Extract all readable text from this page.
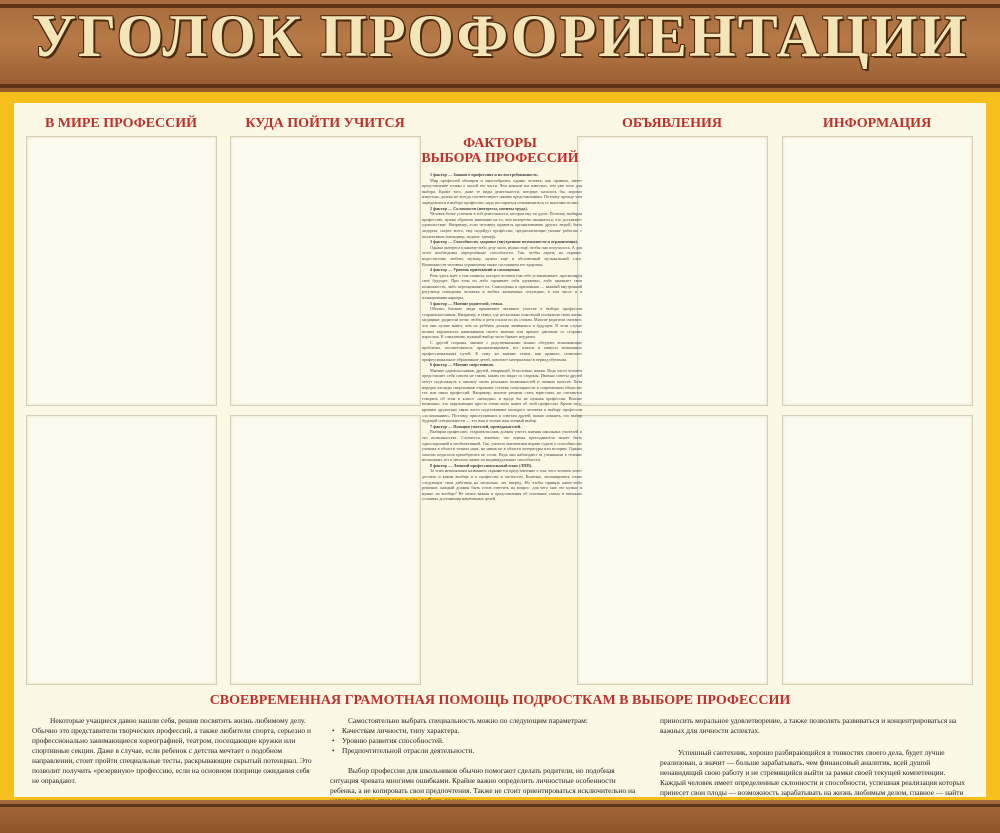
УГОЛОК ПРОФОРИЕНТАЦИИ
В МИРЕ ПРОФЕССИЙ	КУДА ПОЙТИ УЧИТСЯ	ОБЪЯВЛЕНИЯ	ИНФОРМАЦИЯ
ФАКТОРЫ
ВЫБОРА ПРОФЕССИЙ

1 фактор — Знания о профессиях и их востребованность.

Мир профессий обширен и многообразен, однако человек, как правило, имеет представление только о малой его части. Чем меньше им известно, тем уже поле для выбора. Кроме того, даже те виды деятельности, которые, казалось бы, хорошо известны, далеко не всегда соответствуют нашим представлениям. Поэтому прежде чем определиться в выборе профессии, надо постараться познакомиться со многими из них.

2 фактор — Склонности (интересы, мотивы труда).

Человек более успешен в той деятельности, которая ему по душе. Поэтому, выбирая профессию, нужно обратить внимание на то, чем интересно заниматься, что доставляет удовольствие. Например, если человеку нравится организовывать других людей, быть лидером, скорее всего, ему подойдут профессии, предполагающие умение работать с коллективом (менеджер, педагог, тренер).

3 фактор — Способности, здоровье (внутренние возможности и ограничения).

Однако интереса к какому-либо делу мало, нужно ещё, чтобы оно получалось. А для этого необходимы определённые способности. Так, чтобы играть на скрипке, недостаточно любить музыку, нужен ещё и абсолютный музыкальный слух. Возможности человека ограничены также состоянием его здоровья.

4 фактор — Уровень притязаний и самооценка.

Речь здесь идёт о том главном, которое человек сам себе устанавливает, прогнозируя своё будущее. При этом он либо оценивает себя адекватно, либо занижает свои возможности, либо переоценивает их. Самооценка и притязания — важный внутренний регулятор поведения человека в любых жизненных ситуациях, в том числе и в планировании карьеры.

5 фактор — Мнение родителей, семьи.

Обычно близкие люди принимают активное участие в выборе профессии старшеклассником. Например, в семье, где нескольких поколений посвятили свою жизнь медицине, родители хотят, чтобы и дети пошли по их стопам. Многие родители считают, что они лучше знают, чем их ребёнок должен заниматься в будущем. В этом случае велика вероятность навязывания своего мнения или прямое давление со стороны взрослых. К сожалению, нужный выбор часто бывает неудачен.

С другой стороны, мнение с родственниками можно обсудить возникающие проблемы, посоветоваться, проанализировать все плюсы и минусы возможных профессиональных путей. К тому же мнение семьи, как правило, позволяет профессиональное образование детей, помогает материально в период обучения.

6 фактор — Мнение сверстников.

Мнение одноклассников, друзей, товарищей, безусловно, важно. Ведь часто человек представляет себя совсем не таким, каким его видят со стороны. Именно советы друзей могут подтолкнуть к анализу своих реальных возможностей и личных качеств. Хотя нередко взгляды сверстников отражают степень популярности в современном обществе тех или иных профессий. Например, многие решили стать юристами, но считаются говорить об этом в классе «немодно» и вроде бы не нужная профессия. Вполне возможно, что окружающие просто очень мало знают об этой профессии. Кроме того, крепкие дружеские связи часто подталкивают молодого человека к выбору профессии «за компанию». Поэтому, прислушиваясь к советам друзей, важно помнить, что выбор будущей специальности — это ваш и только ваш личный выбор.

7 фактор — Позиция учителей, преподавателей.

Выбирая профессию, старшеклассник должен учесть мнения школьных учителей и его возможностях. Случается, конечно, что оценка преподавателя может быть односторонней и необъективной. Так, учитель математики вправе судить о способностях ученика в области точных наук, но никак не в области литературы или истории. Однако опытом педагогов пренебрегать не стоит. Ведь они наблюдают за учениками в течение нескольких лет и неплохо знают их индивидуальные способности.

8 фактор — Личный профессиональный план (ЛПП).

За этим непонятным названием скрывается представление о том, чего человек хочет достичь и каким вообще и в профессии в частности. Конечно, запланировать точно следующие свои действия на несколько лет вперёд. Но чтобы принять какое-либо решение, каждый должен быть готов ответить на вопрос: для чего мне это нужно и нужно ли вообще? Не менее важны и представления об основных этапах и внешних условиях достижения намеченных целей.

СВОЕВРЕМЕННАЯ ГРАМОТНАЯ ПОМОЩЬ ПОДРОСТКАМ В ВЫБОРЕ ПРОФЕССИИ

Некоторые учащиеся давно нашли себя, решив посвятить жизнь любимому делу. Обычно это представители творческих профессий, а также любители спорта, серьезно и профессионально занимающиеся хореографией, театром, посещающие кружки или спортивные секции. Даже в случае, если ребенок с детства мечтает о подобном направлении, стоит пройти специальные тесты, раскрывающие скрытый потенциал. Это позволит получить «резервную» профессию, если на основном поприще ожидания себя не оправдают.

Самостоятельно выбрать специальность можно по следующим параметрам:

• Качествам личности, типу характера.
• Уровню развития способностей.
• Предпочтительной отрасли деятельности.

Выбор профессии для школьников обычно помогают сделать родители, но подобная ситуация чревата многими ошибками. Крайне важно определить личностные особенности ребенка, а не копировать свои предпочтения. Также не стоит ориентироваться исключительно на

приносить моральное удовлетворение, а также позволять развиваться и концентрироваться на важных для личности аспектах.

Успешный сантехник, хорошо разбирающийся в тонкостях своего дела, будет лучше реализован, а значит — больше зарабатывать, чем финансовый аналитик, всей душой ненавидящий свою работу и не стремящийся выйти за рамки своей текущей компетенции. Каждый человек имеет определенные склонности и способности, успешная реализация которых принесет свои плоды — возможность зарабатывать на жизнь любимым делом, главное — найти
